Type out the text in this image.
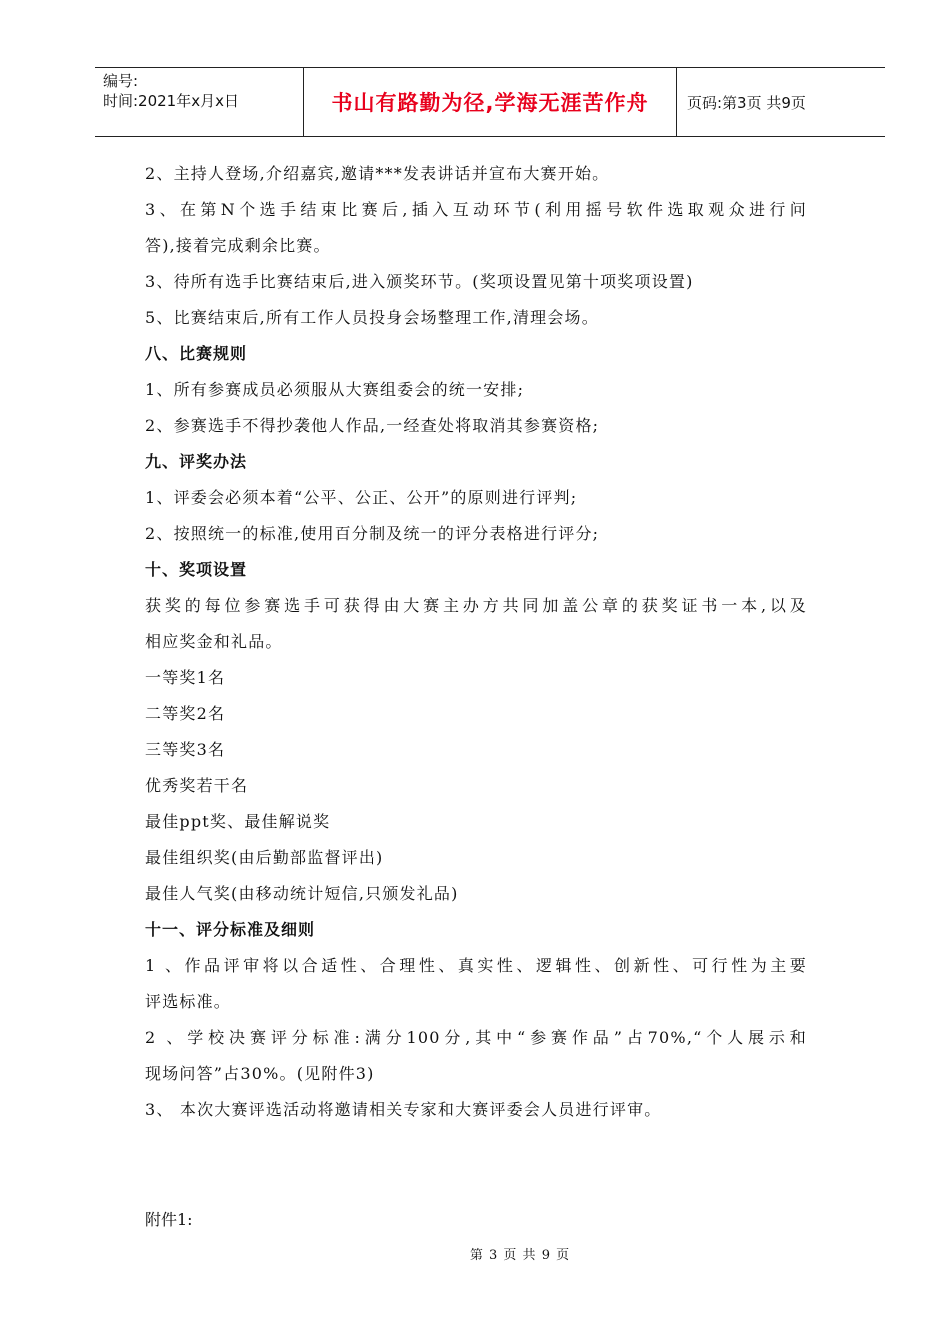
编号:
时间:2021年x月x日	书山有路勤为径,学海无涯苦作舟	页码:第3页 共9页
2、主持人登场,介绍嘉宾,邀请***发表讲话并宣布大赛开始。
3、在第N个选手结束比赛后,插入互动环节(利用摇号软件选取观众进行问
答),接着完成剩余比赛。
3、待所有选手比赛结束后,进入颁奖环节。(奖项设置见第十项奖项设置)
5、比赛结束后,所有工作人员投身会场整理工作,清理会场。
八、比赛规则
1、所有参赛成员必须服从大赛组委会的统一安排;
2、参赛选手不得抄袭他人作品,一经查处将取消其参赛资格;
九、评奖办法
1、评委会必须本着“公平、公正、公开”的原则进行评判;
2、按照统一的标准,使用百分制及统一的评分表格进行评分;
十、奖项设置
获奖的每位参赛选手可获得由大赛主办方共同加盖公章的获奖证书一本,以及
相应奖金和礼品。
一等奖1名
二等奖2名
三等奖3名
优秀奖若干名
最佳ppt奖、最佳解说奖
最佳组织奖(由后勤部监督评出)
最佳人气奖(由移动统计短信,只颁发礼品)
十一、评分标准及细则
1 、作品评审将以合适性、合理性、真实性、逻辑性、创新性、可行性为主要
评选标准。
2 、学校决赛评分标准:满分100分,其中“参赛作品”占70%,“个人展示和
现场问答”占30%。(见附件3)
3、 本次大赛评选活动将邀请相关专家和大赛评委会人员进行评审。
附件1:
第 3 页 共 9 页
